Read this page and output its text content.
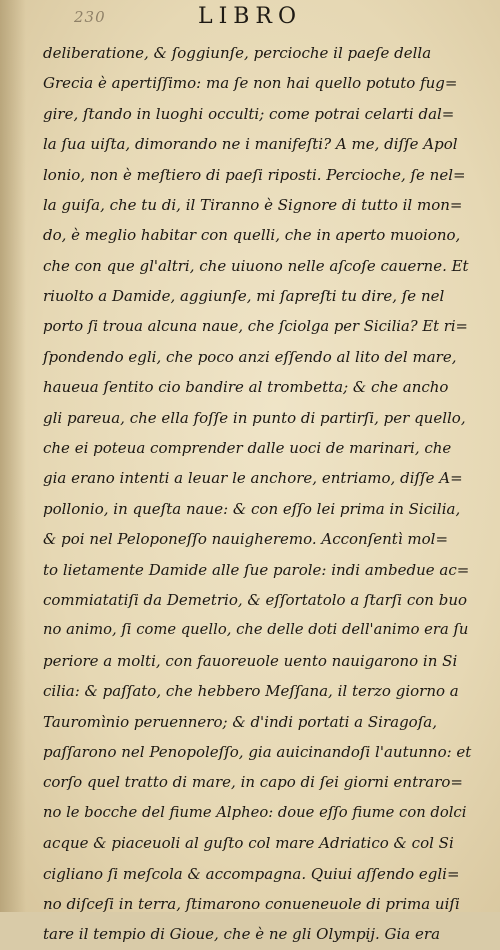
230	LIBRO
deliberatione, & ſoggiunſe, percioche il paeſe della
Grecia è apertiſſimo: ma ſe non hai quello potuto fug=
gire, ſtando in luoghi occulti; come potrai celarti dal=
la ſua uiſta, dimorando ne i manifeſti? A me, diſſe Apol
lonio, non è meſtiero di paeſi riposti. Percioche, ſe nel=
la guiſa, che tu di, il Tiranno è Signore di tutto il mon=
do, è meglio habitar con quelli, che in aperto muoiono,
che con que gl'altri, che uiuono nelle aſcoſe cauerne. Et
riuolto a Damide, aggiunſe, mi ſapreſti tu dire, ſe nel
porto ſi troua alcuna naue, che ſciolga per Sicilia? Et ri=
ſpondendo egli, che poco anzi eſſendo al lito del mare,
haueua ſentito cio bandire al trombetta; & che ancho
gli pareua, che ella foſſe in punto di partirſi, per quello,
che ei poteua comprender dalle uoci de marinari, che
gia erano intenti a leuar le anchore, entriamo, diſſe A=
pollonio, in queſta naue: & con eſſo lei prima in Sicilia,
& poi nel Peloponeſſo nauigheremo. Acconſentì mol=
to lietamente Damide alle ſue parole: indi ambedue ac=
commiatatiſi da Demetrio, & eſſortatolo a ſtarſi con buo
no animo, ſi come quello, che delle doti dell'animo era ſu
periore a molti, con fauoreuole uento nauigarono in Si
cilia: & paſſato, che hebbero Meſſana, il terzo giorno a
Tauromìnio peruennero; & d'indi portati a Siragoſa,
paſſarono nel Penopoleſſo, gia auicinandoſi l'autunno: et
corſo quel tratto di mare, in capo di ſei giorni entraro=
no le bocche del fiume Alpheo: doue eſſo fiume con dolci
acque & piaceuoli al guſto col mare Adriatico & col Si
cigliano ſi meſcola & accompagna. Quiui aſſendo egli=
no diſceſi in terra, ſtimarono conueneuole di prima uiſi
tare il tempio di Gioue, che è ne gli Olympij. Gia era
